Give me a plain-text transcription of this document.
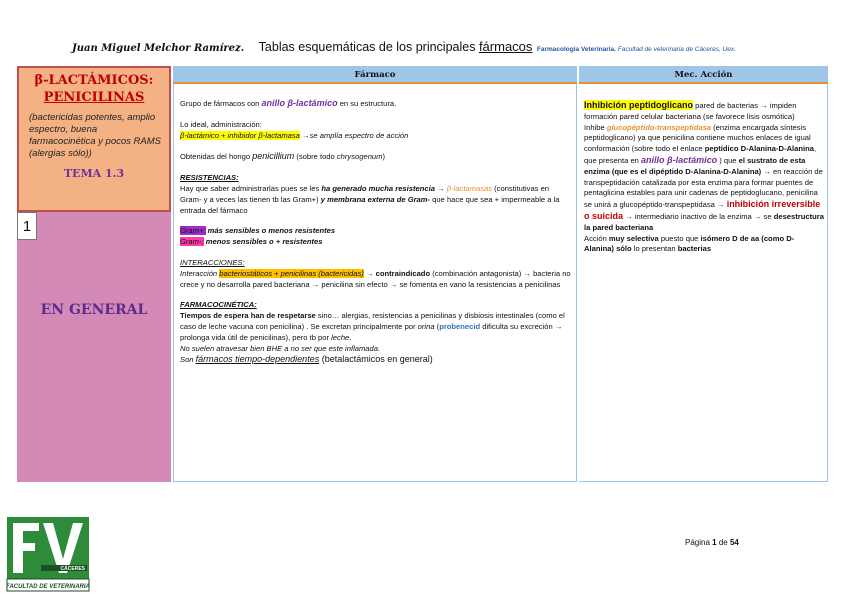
Juan Miguel Melchor Ramírez. Tablas esquemáticas de los principales fármacos Farmacología Veterinaria. Facultad de veterinaria de Cáceres, Uex.
β-LACTÁMICOS:
PENICILINAS
(bactericidas potentes, amplio espectro, buena farmacocinética y pocos RAMS (alergias sólo))
TEMA 1.3
EN GENERAL
1
Fármaco	Mec. Acción

Grupo de fármacos con anillo β-lactámico en su estructura.

Lo ideal, administración:
β-lactámico + inhibidor β-lactamasa →se amplía espectro de acción

Obtenidas del hongo penicillium (sobre todo chrysogenum)

RESISTENCIAS:
Hay que saber administrarlas pues se les ha generado mucha resistencia → β-lactamasas (constitutivas en Gram- y a veces las tienen tb las Gram+) y membrana externa de Gram- que hace que sea + impermeable a la entrada del fármaco

Gram+: más sensibles o menos resistentes
Gram-: menos sensibles o + resistentes

INTERACCIONES:
Interacción bacteriostáticos + penicilinas (bactericidas) → contraindicado (combinación antagonista) → bacteria no crece y no desarrolla pared bacteriana → penicilina sin efecto → se fomenta en vano la resistencias a penicilinas

FARMACOCINÉTICA:
Tiempos de espera han de respetarse sino… alergias, resistencias a penicilinas y disbiosis intestinales (como el caso de leche vacuna con penicilina) . Se excretan principalmente por orina (probenecid dificulta su excreción → prolonga vida útil de penicilinas), pero tb por leche.
No suelen atravesar bien BHE a no ser que este inflamada.
Son fármacos tiempo-dependientes (betalactámicos en general)

Inhibición peptidoglicano pared de bacterias → impiden formación pared celular bacteriana (se favorece lisis osmótica)
Inhibe glucopéptido-transpeptidasa (enzima encargada síntesis peptidoglicano) ya que penicilina contiene muchos enlaces de igual conformación (sobre todo el enlace peptídico D-Alanina-D-Alanina, que presenta en anillo β-lactámico ) que el sustrato de esta enzima (que es el dipéptido D-Alanina-D-Alanina) → en reacción de transpeptidación catalizada por esta enzima para formar puentes de pentaglicina estables para unir cadenas de peptidoglucano, penicilina se unirá a glucopéptido-transpeptidasa → inhibición irreversible o suicida → intermediario inactivo de la enzima → se desestructura la pared bacteriana
Acción muy selectiva puesto que isómero D de aa (como D-Alanina) sólo lo presentan bacterias
CÁCERES
FACULTAD DE VETERINARIA
Página 1 de 54
